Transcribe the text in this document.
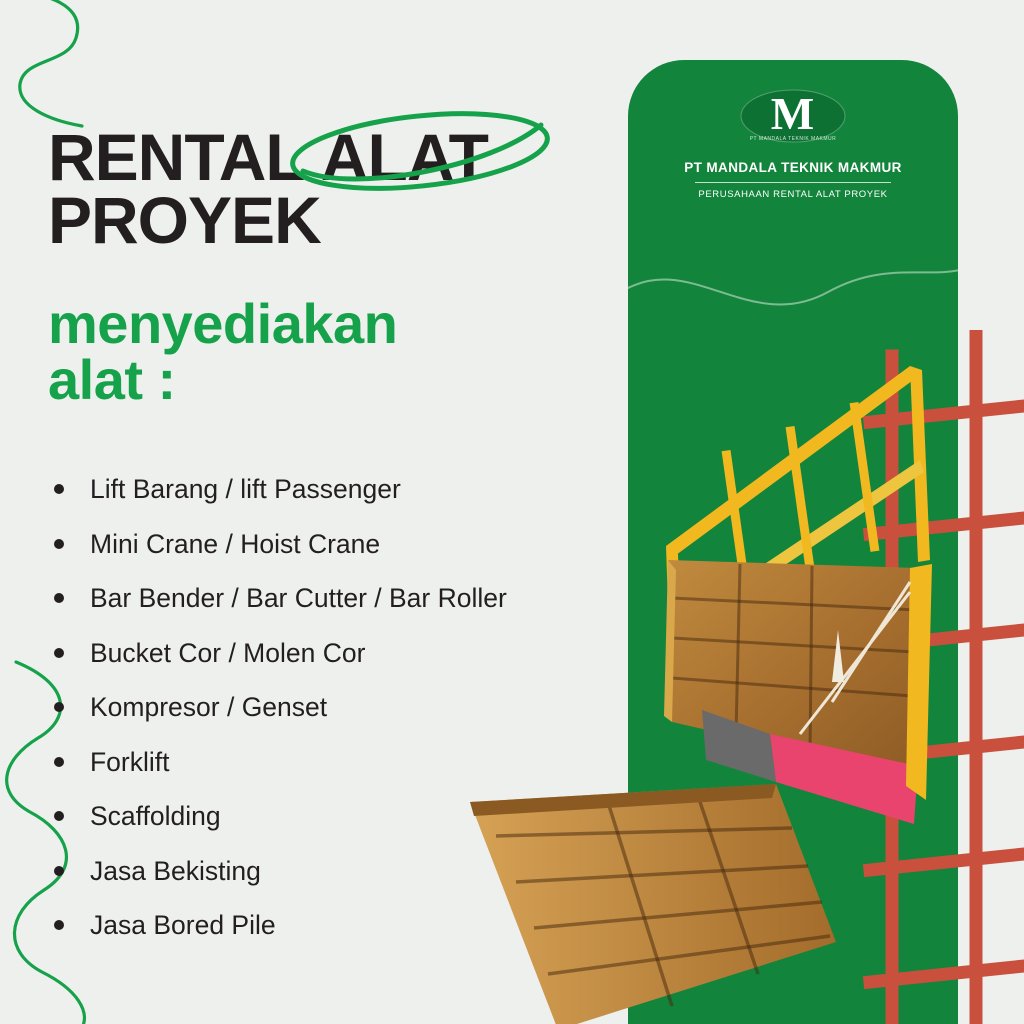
M
PT MANDALA TEKNIK MAKMUR
PT MANDALA TEKNIK MAKMUR
PERUSAHAAN RENTAL ALAT PROYEK
RENTAL
ALAT
PROYEK
menyediakan
alat :
Lift Barang / lift Passenger
Mini Crane / Hoist Crane
Bar Bender / Bar Cutter / Bar Roller
Bucket Cor / Molen Cor
Kompresor / Genset
Forklift
Scaffolding
Jasa Bekisting
Jasa Bored Pile
